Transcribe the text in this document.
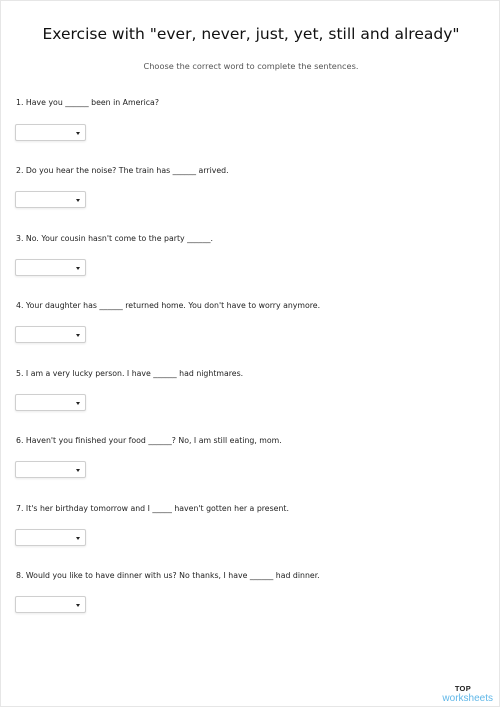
Exercise with "ever, never, just, yet, still and already"
Choose the correct word to complete the sentences.
1. Have you ______ been in America?
2. Do you hear the noise? The train has ______ arrived.
3. No. Your cousin hasn't come to the party ______.
4. Your daughter has ______ returned home. You don't have to worry anymore.
5. I am a very lucky person. I have ______ had nightmares.
6. Haven't you finished your food ______? No, I am still eating, mom.
7. It's her birthday tomorrow and I _____ haven't gotten her a present.
8. Would you like to have dinner with us? No thanks, I have ______ had dinner.
TOP
worksheets
